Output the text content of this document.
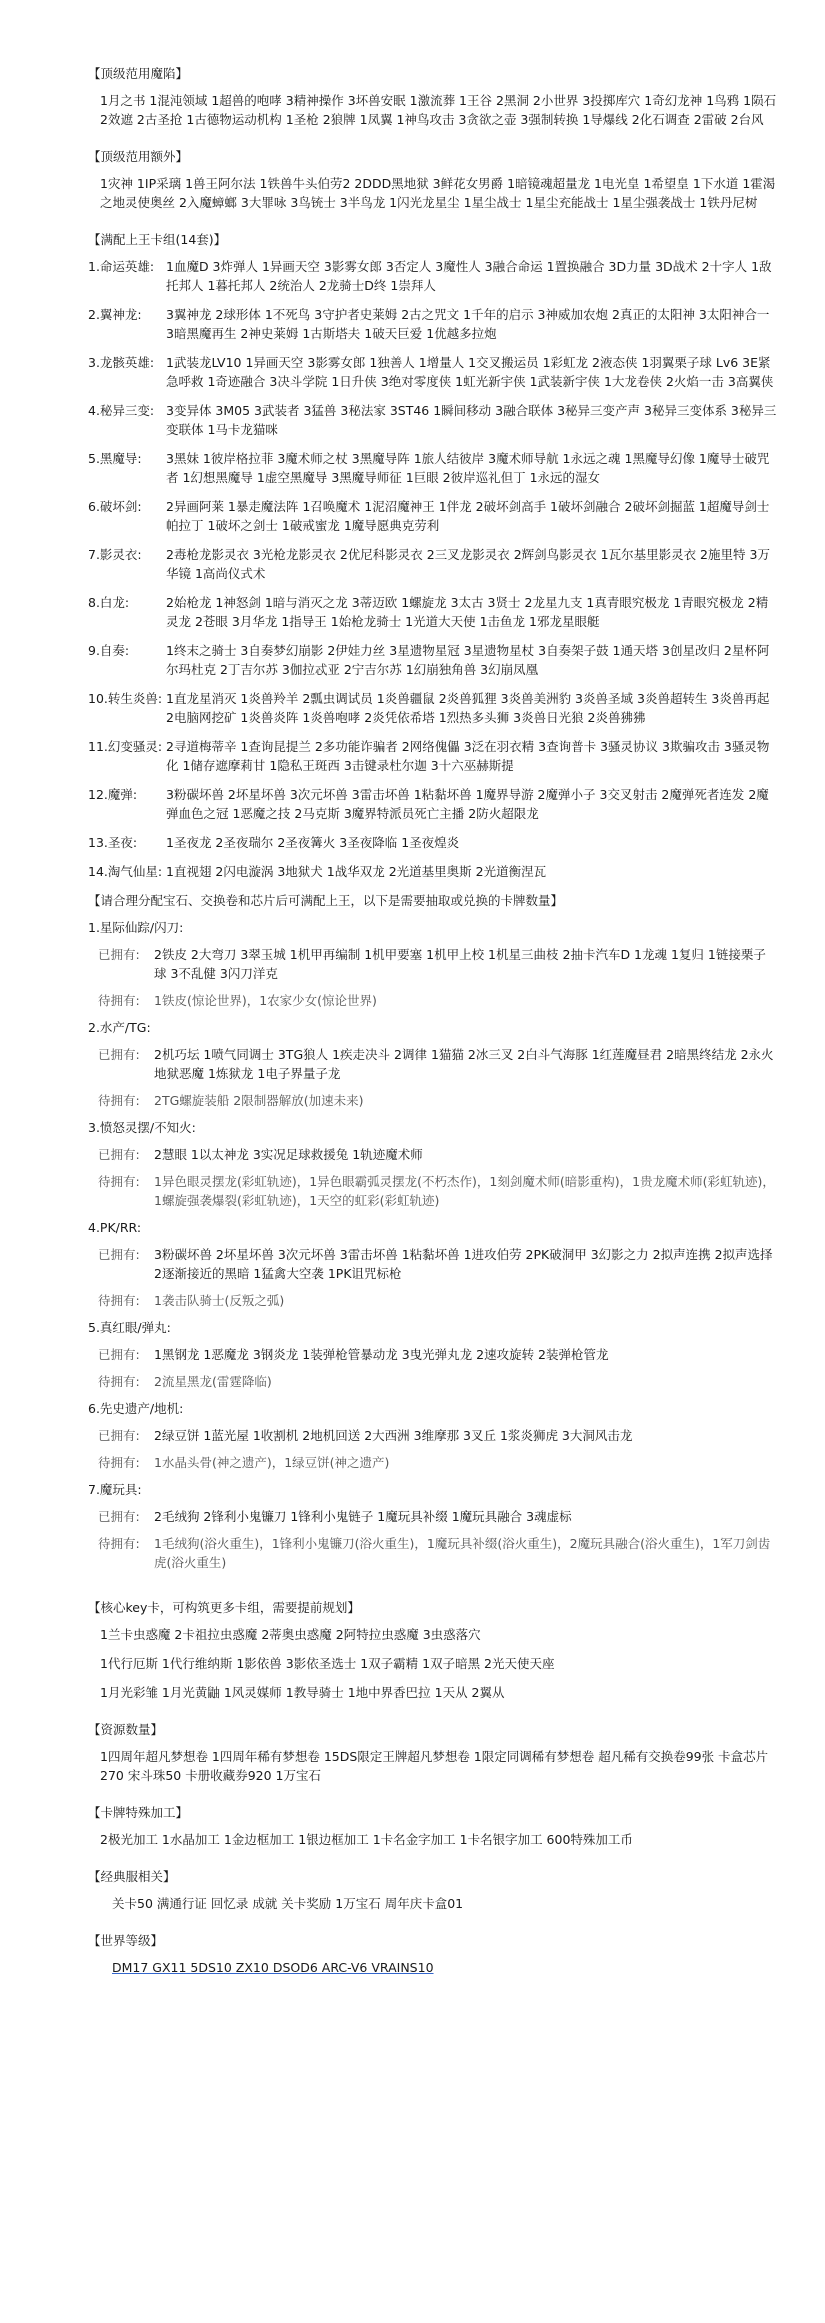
【顶级范用魔陷】
1月之书 1混沌领域 1超兽的咆哮 3精神操作 3坏兽安眠 1激流葬 1王谷 2黑洞 2小世界 3投掷库穴 1奇幻龙神 1鸟鸦 1陨石 2效遮 2古圣抢 1古德物运动机构 1圣枪 2狼牌 1凤翼 1神鸟攻击 3贪欲之壶 3强制转换 1导爆线 2化石调查 2雷破 2台风
【顶级范用额外】
1灾神 1IP采璃 1兽王阿尔法 1铁兽牛头伯劳2 2DDD黑地狱 3鲜花女男爵 1暗镜魂超量龙 1电光皇 1希望皇 1下水道 1霍渴之地灵使奥丝 2入魔蟑螂 3大罪咏 3鸟铳士 3半鸟龙 1闪光龙星尘 1星尘战士 1星尘充能战士 1星尘强袭战士 1铁丹尼树
【满配上王卡组(14套)】
1.命运英雄: 1血魔D 3炸弹人 1异画天空 3影雾女郎 3否定人 3魔性人 3融合命运 1置换融合 3D力量 3D战术 2十字人 1敌托邦人 1暮托邦人 2统治人 2龙骑士D终 1崇拜人
2.翼神龙:	3翼神龙 2球形体 1不死鸟 3守护者史莱姆 2古之咒文 1千年的启示 3神威加农炮 2真正的太阳神 3太阳神合一 3暗黑魔再生 2神史莱姆 1古斯塔夫 1破天巨爱 1优越多拉炮
3.龙骸英雄: 1武装龙LV10 1异画天空 3影雾女郎 1独善人 1增量人 1交叉搬运员 1彩虹龙 2液态侠 1羽翼栗子球 Lv6 3E紧急呼救 1奇迹融合 3决斗学院 1日升侠 3绝对零度侠 1虹光新宇侠 1武装新宇侠 1大龙卷侠 2火焰一击 3高翼侠
4.秘异三变: 3变异体 3M05 3武装者 3猛兽 3秘法家 3ST46 1瞬间移动 3融合联体 3秘异三变产声 3秘异三变体系 3秘异三变联体 1马卡龙猫咪
5.黑魔导:	3黑妹 1彼岸格拉菲 3魔术师之杖 3黑魔导阵 1旅人结彼岸 3魔术师导航 1永远之魂 1黑魔导幻像 1魔导士破咒者 1幻想黑魔导 1虚空黑魔导 3黑魔导师征 1巨眼 2彼岸巡礼但丁 1永远的湿女
6.破坏剑:	2异画阿莱 1暴走魔法阵 1召唤魔术 1泥沼魔神王 1伴龙 2破坏剑高手 1破坏剑融合 2破坏剑掘蓝 1超魔导剑士帕拉丁 1破坏之剑士 1破戒蜜龙 1魔导愿典克劳利
7.影灵衣:	2毒枪龙影灵衣 3光枪龙影灵衣 2优尼科影灵衣 2三叉龙影灵衣 2辉剑鸟影灵衣 1瓦尔基里影灵衣 2施里特 3万华镜 1高尚仪式术
8.白龙:	2始枪龙 1神怒剑 1暗与消灭之龙 3蒂迈欧 1螺旋龙 3太古 3贤士 2龙星九支 1真青眼究极龙 1青眼究极龙 2精灵龙 2苍眼 3月华龙 1指导王 1始枪龙骑士 1光道大天使 1击鱼龙 1邪龙星眼艇
9.自奏:	1终末之骑士 3自奏梦幻崩影 2伊娃力丝 3星遗物星冠 3星遗物星杖 3自奏架子鼓 1通天塔 3创星改归 2星杯阿尔玛杜克 2丁吉尔苏 3伽拉忒亚 2宁吉尔苏 1幻崩独角兽 3幻崩凤凰
10.转生炎兽: 1直龙星消灭 1炎兽羚羊 2瓢虫调试员 1炎兽疆鼠 2炎兽狐狸 3炎兽美洲豹 3炎兽圣域 3炎兽超转生 3炎兽再起 2电脑网挖矿 1炎兽炎阵 1炎兽咆哮 2炎凭依希塔 1烈热多头狮 3炎兽日光狼 2炎兽狒狒
11.幻变骚灵: 2寻道梅蒂辛 1查询昆提兰 2多功能诈骗者 2网络傀儡 3泛在羽衣精 3查询普卡 3骚灵协议 3欺骗攻击 3骚灵物化 1储存遮摩莉甘 1隐私王斑西 3击键录杜尔迦 3十六巫赫斯提
12.魔弹:	3粉碳坏兽 2坏星坏兽 3次元坏兽 3雷击坏兽 1粘黏坏兽 1魔界导游 2魔弹小子 3交叉射击 2魔弹死者连发 2魔弹血色之冠 1恶魔之技 2马克斯 3魔界特派员死亡主播 2防火超限龙
13.圣夜:	1圣夜龙 2圣夜瑞尔 2圣夜篝火 3圣夜降临 1圣夜煌炎
14.淘气仙星: 1直视翅 2闪电漩涡 3地狱犬 1战华双龙 2光道基里奥斯 2光道衡涅瓦
【请合理分配宝石、交换卷和芯片后可满配上王，以下是需要抽取或兑换的卡牌数量】
1.星际仙踪/闪刀:
已拥有:	2铁皮 2大弯刀 3翠玉城 1机甲再编制 1机甲要塞 1机甲上校 1机星三曲枝 2抽卡汽车D 1龙魂 1复归 1链接栗子球 3不乱健 3闪刀洋克
待拥有:	1铁皮(惊论世界)，1农家少女(惊论世界)
2.水产/TG:
已拥有:	2机巧坛 1喷气同调士 3TG狼人 1疾走决斗 2调律 1猫猫 2冰三叉 2白斗气海豚 1红莲魔昼君 2暗黑终结龙 2永火地狱恶魔 1炼狱龙 1电子界量子龙
待拥有:	2TG螺旋装船 2限制器解放(加速未来)
3.愤怒灵摆/不知火:
已拥有:	2慧眼 1以太神龙 3实况足球救援兔 1轨迹魔术师
待拥有:	1异色眼灵摆龙(彩虹轨迹)，1异色眼霸弧灵摆龙(不朽杰作)，1刻剑魔术师(暗影重构)，1贵龙魔术师(彩虹轨迹)，1螺旋强袭爆裂(彩虹轨迹)，1天空的虹彩(彩虹轨迹)
4.PK/RR:
已拥有:	3粉碳坏兽 2坏星坏兽 3次元坏兽 3雷击坏兽 1粘黏坏兽 1进攻伯劳 2PK破洞甲 3幻影之力 2拟声连携 2拟声选择 2逐渐接近的黑暗 1猛禽大空袭 1PK诅咒标枪
待拥有:	1袭击队骑士(反叛之弧)
5.真红眼/弹丸:
已拥有:	1黑钢龙 1恶魔龙 3钢炎龙 1装弹枪管暴动龙 3曳光弹丸龙 2速攻旋转 2装弹枪管龙
待拥有:	2流星黑龙(雷霆降临)
6.先史遗产/地机:
已拥有:	2绿豆饼 1蓝光屋 1收割机 2地机回送 2大西洲 3维摩那 3叉丘 1浆炎狮虎 3大洞风击龙
待拥有:	1水晶头骨(神之遗产)，1绿豆饼(神之遗产)
7.魔玩具:
已拥有:	2毛绒狗 2锋利小鬼镰刀 1锋利小鬼链子 1魔玩具补缀 1魔玩具融合 3魂虚标
待拥有:	1毛绒狗(浴火重生)，1锋利小鬼镰刀(浴火重生)，1魔玩具补缀(浴火重生)，2魔玩具融合(浴火重生)，1军刀剑齿虎(浴火重生)
【核心key卡，可构筑更多卡组，需要提前规划】
1兰卡虫惑魔 2卡祖拉虫惑魔 2蒂奥虫惑魔 2阿特拉虫惑魔 3虫惑落穴
1代行厄斯 1代行维纳斯 1影依兽 3影依圣选士 1双子霸精 1双子暗黑 2光天使天座
1月光彩雏 1月光黄鼬 1风灵媒师 1教导骑士 1地中界香巴拉 1天从 2翼从
【资源数量】
1四周年超凡梦想卷 1四周年稀有梦想卷 15DS限定王牌超凡梦想卷 1限定同调稀有梦想卷 超凡稀有交换卷99张 卡盒芯片270 宋斗珠50 卡册收藏券920 1万宝石
【卡牌特殊加工】
2极光加工 1水晶加工 1金边框加工 1银边框加工 1卡名金字加工 1卡名银字加工 600特殊加工币
【经典服相关】
关卡50 满通行证 回忆录 成就 关卡奖励 1万宝石 周年庆卡盒01
【世界等级】
DM17 GX11 5DS10 ZX10 DSOD6 ARC-V6 VRAINS10
